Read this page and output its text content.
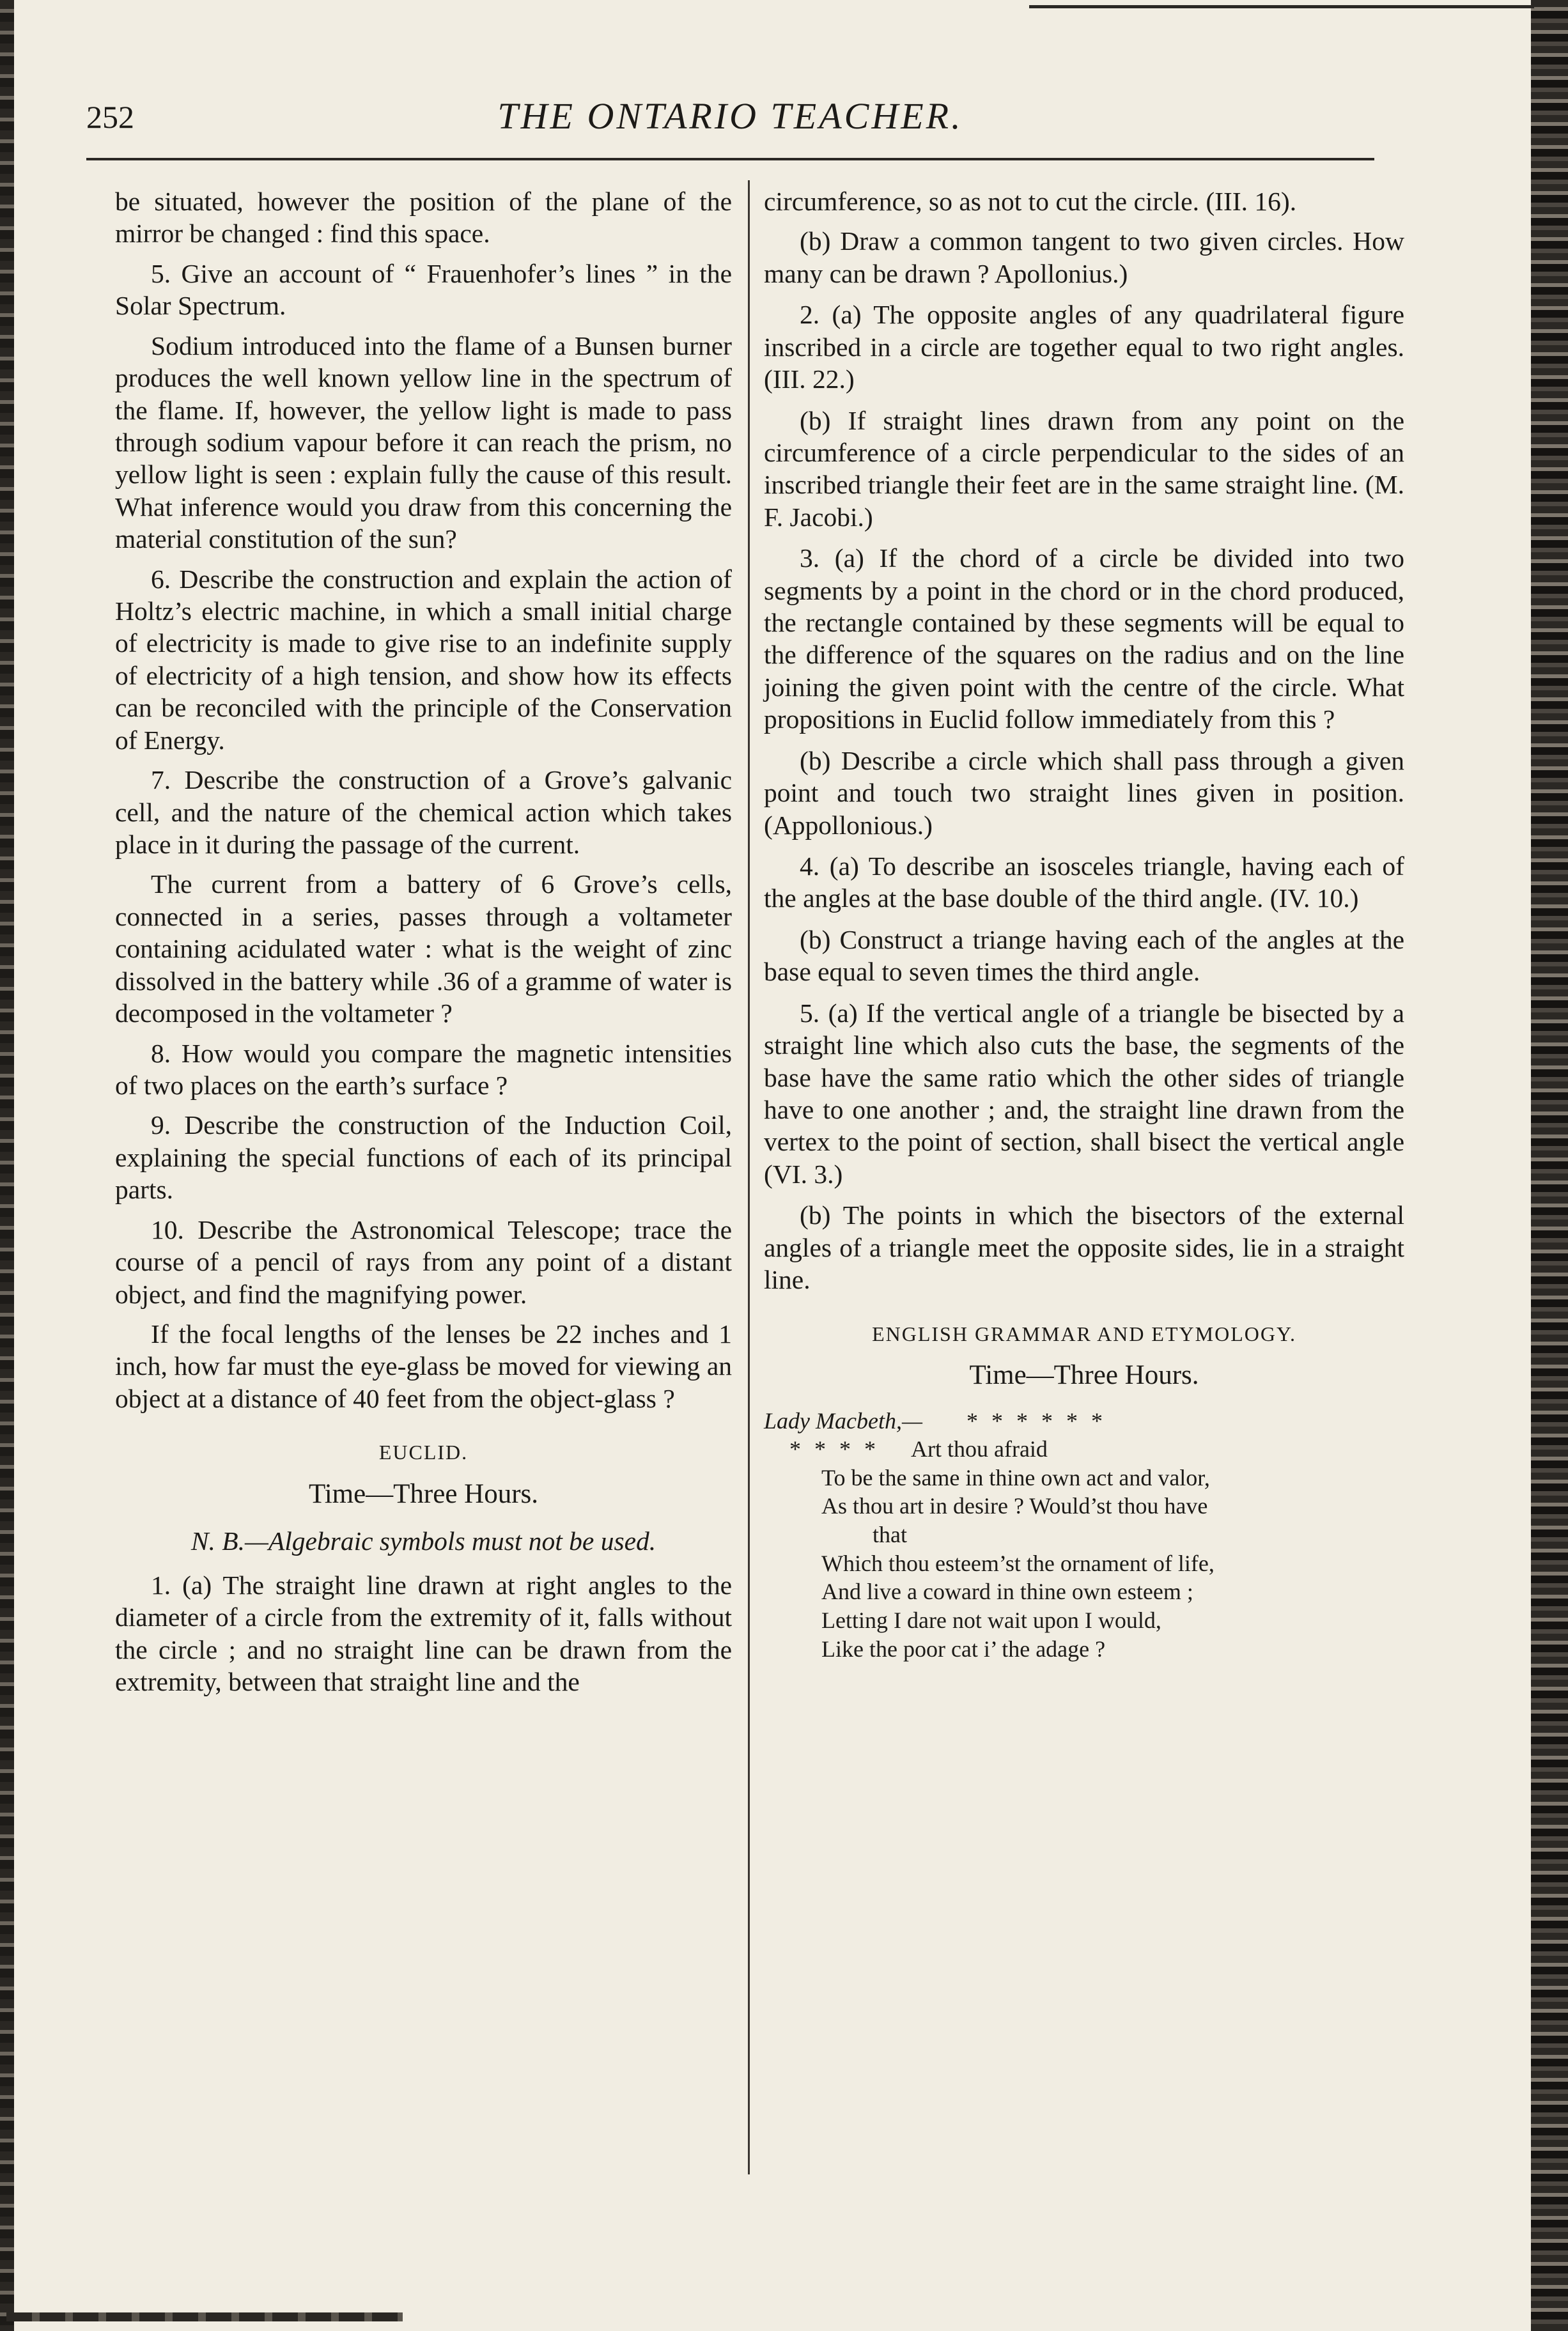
252	THE ONTARIO TEACHER.

be situated, however the position of the plane of the mirror be changed : find this space.

5. Give an account of “ Frauenhofer’s lines ” in the Solar Spectrum.

Sodium introduced into the flame of a Bunsen burner produces the well known yellow line in the spectrum of the flame. If, however, the yellow light is made to pass through sodium vapour before it can reach the prism, no yellow light is seen : explain fully the cause of this result. What inference would you draw from this concerning the material constitution of the sun?

6. Describe the construction and explain the action of Holtz’s electric machine, in which a small initial charge of electricity is made to give rise to an indefinite supply of electricity of a high tension, and show how its effects can be reconciled with the principle of the Conservation of Energy.

7. Describe the construction of a Grove’s galvanic cell, and the nature of the chemical action which takes place in it during the passage of the current.

The current from a battery of 6 Grove’s cells, connected in a series, passes through a voltameter containing acidulated water : what is the weight of zinc dissolved in the battery while .36 of a gramme of water is decomposed in the voltameter ?

8. How would you compare the magnetic intensities of two places on the earth’s surface ?

9. Describe the construction of the Induction Coil, explaining the special functions of each of its principal parts.

10. Describe the Astronomical Telescope; trace the course of a pencil of rays from any point of a distant object, and find the magnifying power.

If the focal lengths of the lenses be 22 inches and 1 inch, how far must the eye-glass be moved for viewing an object at a distance of 40 feet from the object-glass ?

EUCLID.
Time—Three Hours.
N. B.—Algebraic symbols must not be used.

1. (a) The straight line drawn at right angles to the diameter of a circle from the extremity of it, falls without the circle ; and no straight line can be drawn from the extremity, between that straight line and the

circumference, so as not to cut the circle. (III. 16).

(b) Draw a common tangent to two given circles. How many can be drawn ? Apollonius.)

2. (a) The opposite angles of any quadrilateral figure inscribed in a circle are together equal to two right angles. (III. 22.)

(b) If straight lines drawn from any point on the circumference of a circle perpendicular to the sides of an inscribed triangle their feet are in the same straight line. (M. F. Jacobi.)

3. (a) If the chord of a circle be divided into two segments by a point in the chord or in the chord produced, the rectangle contained by these segments will be equal to the difference of the squares on the radius and on the line joining the given point with the centre of the circle. What propositions in Euclid follow immediately from this ?

(b) Describe a circle which shall pass through a given point and touch two straight lines given in position. (Appollonious.)

4. (a) To describe an isosceles triangle, having each of the angles at the base double of the third angle. (IV. 10.)

(b) Construct a triange having each of the angles at the base equal to seven times the third angle.

5. (a) If the vertical angle of a triangle be bisected by a straight line which also cuts the base, the segments of the base have the same ratio which the other sides of triangle have to one another ; and, the straight line drawn from the vertex to the point of section, shall bisect the vertical angle (VI. 3.)

(b) The points in which the bisectors of the external angles of a triangle meet the opposite sides, lie in a straight line.

ENGLISH GRAMMAR AND ETYMOLOGY.
Time—Three Hours.
Lady Macbeth,— * * * * * *
* * * * Art thou afraid
To be the same in thine own act and valor,
As thou art in desire ? Would’st thou have
that
Which thou esteem’st the ornament of life,
And live a coward in thine own esteem ;
Letting I dare not wait upon I would,
Like the poor cat i’ the adage ?
